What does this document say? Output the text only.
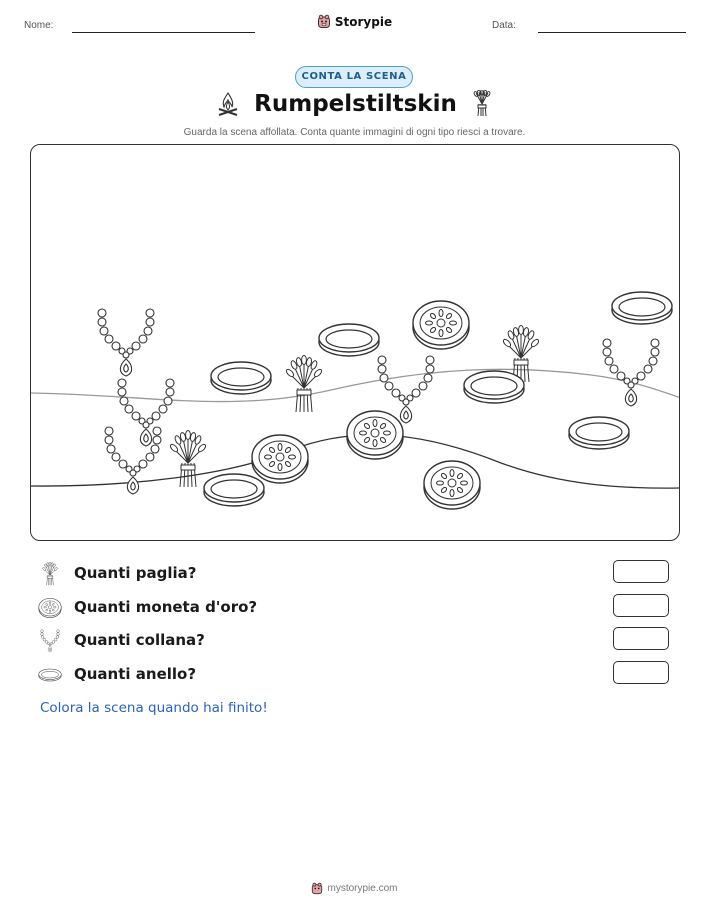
Nome:	Storypie	Data:
CONTA LA SCENA
Rumpelstiltskin
Guarda la scena affollata. Conta quante immagini di ogni tipo riesci a trovare.
Quanti paglia?
Quanti moneta d'oro?
Quanti collana?
Quanti anello?
Colora la scena quando hai finito!
mystorypie.com
